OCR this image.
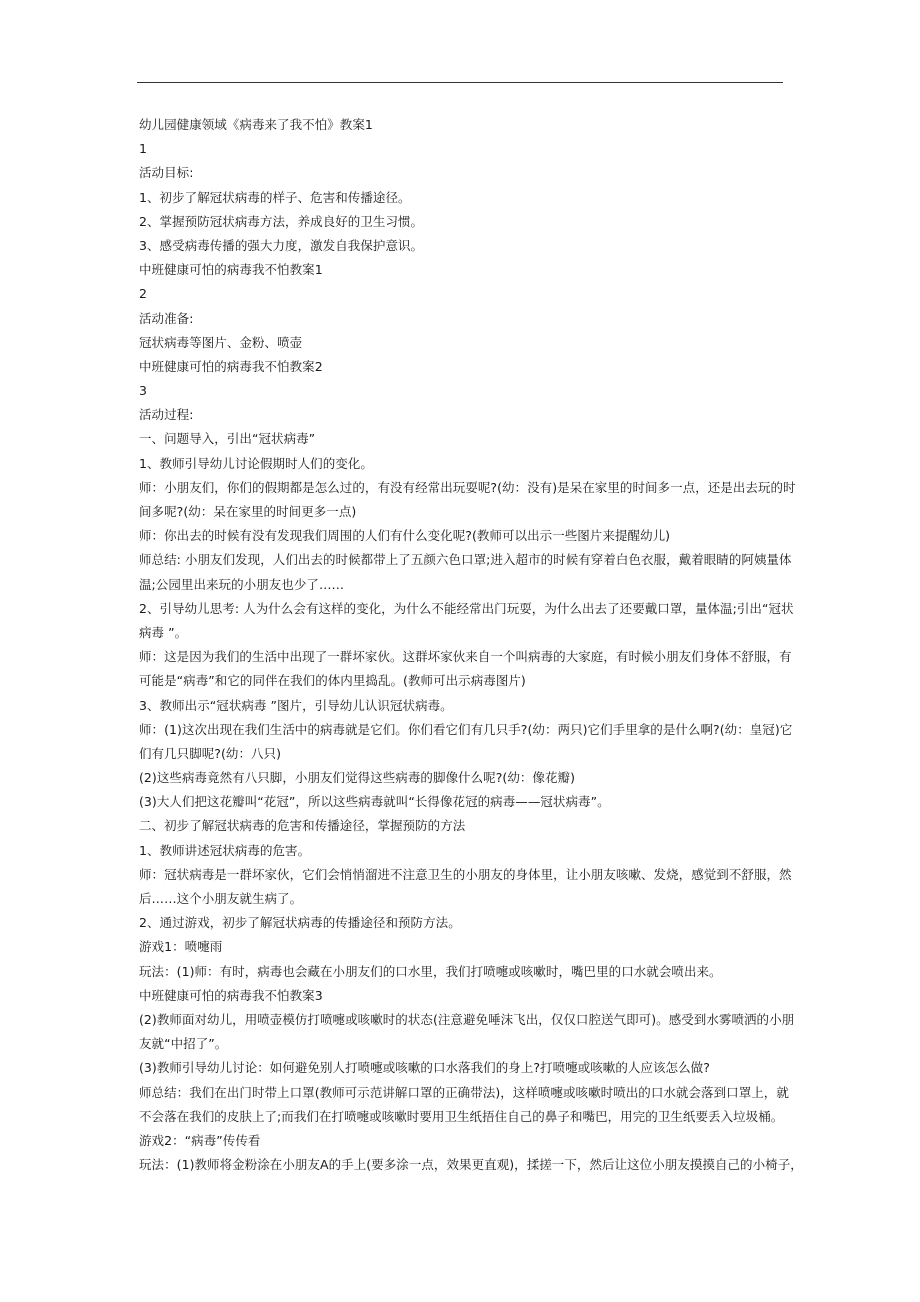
幼儿园健康领域《病毒来了我不怕》教案1
1
活动目标:
1、初步了解冠状病毒的样子、危害和传播途径。
2、掌握预防冠状病毒方法，养成良好的卫生习惯。
3、感受病毒传播的强大力度，激发自我保护意识。
中班健康可怕的病毒我不怕教案1
2
活动准备:
冠状病毒等图片、金粉、喷壶
中班健康可怕的病毒我不怕教案2
3
活动过程:
一、问题导入，引出“冠状病毒”
1、教师引导幼儿讨论假期时人们的变化。
师：小朋友们，你们的假期都是怎么过的，有没有经常出玩耍呢?(幼：没有)是呆在家里的时间多一点，还是出去玩的时
间多呢?(幼：呆在家里的时间更多一点)
师：你出去的时候有没有发现我们周围的人们有什么变化呢?(教师可以出示一些图片来提醒幼儿)
师总结: 小朋友们发现，人们出去的时候都带上了五颜六色口罩;进入超市的时候有穿着白色衣服，戴着眼睛的阿姨量体
温;公园里出来玩的小朋友也少了……
2、引导幼儿思考: 人为什么会有这样的变化，为什么不能经常出门玩耍，为什么出去了还要戴口罩，量体温;引出“冠状
病毒 ”。
师：这是因为我们的生活中出现了一群坏家伙。这群坏家伙来自一个叫病毒的大家庭，有时候小朋友们身体不舒服，有
可能是“病毒”和它的同伴在我们的体内里捣乱。(教师可出示病毒图片)
3、教师出示“冠状病毒 ”图片，引导幼儿认识冠状病毒。
师：(1)这次出现在我们生活中的病毒就是它们。你们看它们有几只手?(幼：两只)它们手里拿的是什么啊?(幼：皇冠)它
们有几只脚呢?(幼：八只)
(2)这些病毒竟然有八只脚，小朋友们觉得这些病毒的脚像什么呢?(幼：像花瓣)
(3)大人们把这花瓣叫“花冠”，所以这些病毒就叫“长得像花冠的病毒——冠状病毒”。
二、初步了解冠状病毒的危害和传播途径，掌握预防的方法
1、教师讲述冠状病毒的危害。
师：冠状病毒是一群坏家伙，它们会悄悄溜进不注意卫生的小朋友的身体里，让小朋友咳嗽、发烧，感觉到不舒服，然
后……这个小朋友就生病了。
2、通过游戏，初步了解冠状病毒的传播途径和预防方法。
游戏1：喷嚏雨
玩法：(1)师：有时，病毒也会藏在小朋友们的口水里，我们打喷嚏或咳嗽时，嘴巴里的口水就会喷出来。
中班健康可怕的病毒我不怕教案3
(2)教师面对幼儿，用喷壶模仿打喷嚏或咳嗽时的状态(注意避免唾沫飞出，仅仅口腔送气即可)。感受到水雾喷洒的小朋
友就“中招了”。
(3)教师引导幼儿讨论：如何避免别人打喷嚏或咳嗽的口水落我们的身上?打喷嚏或咳嗽的人应该怎么做?
师总结：我们在出门时带上口罩(教师可示范讲解口罩的正确带法)，这样喷嚏或咳嗽时喷出的口水就会落到口罩上，就
不会落在我们的皮肤上了;而我们在打喷嚏或咳嗽时要用卫生纸捂住自己的鼻子和嘴巴，用完的卫生纸要丢入垃圾桶。
游戏2：“病毒”传传看
玩法：(1)教师将金粉涂在小朋友A的手上(要多涂一点，效果更直观)，揉搓一下，然后让这位小朋友摸摸自己的小椅子，
